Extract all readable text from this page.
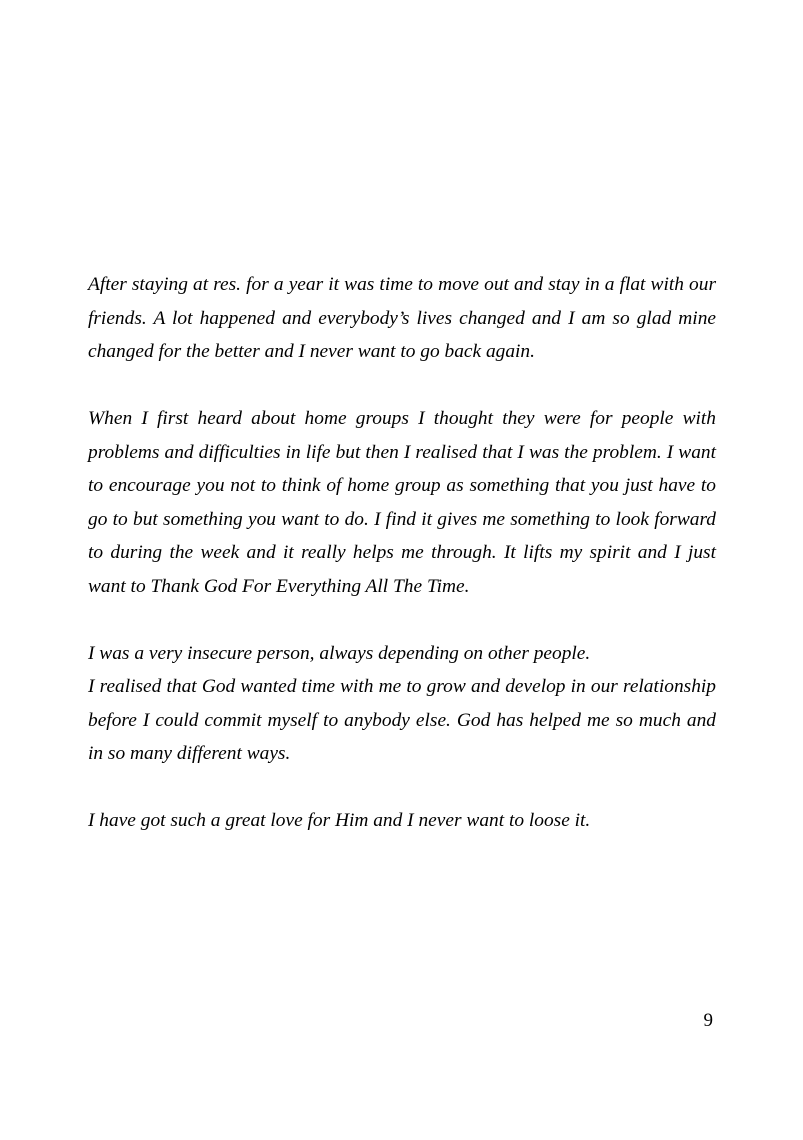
After staying at res. for a year it was time to move out and stay in a flat with our friends. A lot happened and everybody’s lives changed and I am so glad mine changed for the better and I never want to go back again.

When I first heard about home groups I thought they were for people with problems and difficulties in life but then I realised that I was the problem. I want to encourage you not to think of home group as something that you just have to go to but something you want to do. I find it gives me something to look forward to during the week and it really helps me through. It lifts my spirit and I just want to Thank God For Everything All The Time.

I was a very insecure person, always depending on other people.

I realised that God wanted time with me to grow and develop in our relationship before I could commit myself to anybody else. God has helped me so much and in so many different ways.

I have got such a great love for Him and I never want to loose it.

9
